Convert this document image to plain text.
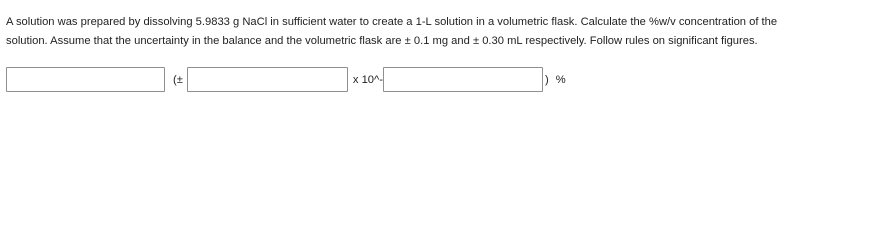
A solution was prepared by dissolving 5.9833 g NaCl in sufficient water to create a 1-L solution in a volumetric flask. Calculate the %w/v concentration of the

solution. Assume that the uncertainty in the balance and the volumetric flask are ± 0.1 mg and ± 0.30 mL respectively. Follow rules on significant figures.

(±	x 10^-	) %
